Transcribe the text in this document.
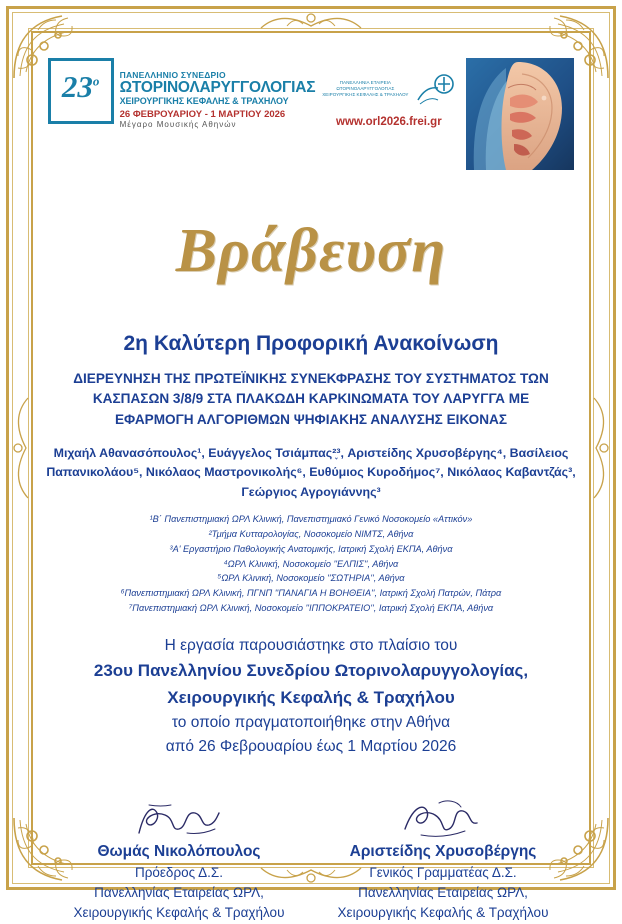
23$^o$	ΠΑΝΕΛΛΗΝΙΟ ΣΥΝΕΔΡΙΟ
ΩΤΟΡΙΝΟΛΑΡΥΓΓΟΛΟΓΙΑΣ
ΧΕΙΡΟΥΡΓΙΚΗΣ ΚΕΦΑΛΗΣ & ΤΡΑΧΗΛΟΥ
26 ΦΕΒΡΟΥΑΡΙΟΥ - 1 ΜΑΡΤΙΟΥ 2026
Μέγαρο Μουσικής Αθηνών
ΠΑΝΕΛΛΗΝΙΑ ΕΤΑΙΡΕΙΑ ΩΤΟΡΙΝΟΛΑΡΥΓΓΟΛΟΓΙΑΣ ΧΕΙΡΟΥΡΓΙΚΗΣ ΚΕΦΑΛΗΣ & ΤΡΑΧΗΛΟΥ
www.orl2026.frei.gr
Βράβευση
2η Καλύτερη Προφορική Ανακοίνωση
ΔΙΕΡΕΥΝΗΣΗ ΤΗΣ ΠΡΩΤΕΪΝΙΚΗΣ ΣΥΝΕΚΦΡΑΣΗΣ ΤΟΥ ΣΥΣΤΗΜΑΤΟΣ ΤΩΝ ΚΑΣΠΑΣΩΝ 3/8/9 ΣΤΑ ΠΛΑΚΩΔΗ ΚΑΡΚΙΝΩΜΑΤΑ ΤΟΥ ΛΑΡΥΓΓΑ ΜΕ ΕΦΑΡΜΟΓΗ ΑΛΓΟΡΙΘΜΩΝ ΨΗΦΙΑΚΗΣ ΑΝΑΛΥΣΗΣ ΕΙΚΟΝΑΣ
Μιχαήλ Αθανασόπουλος¹, Ευάγγελος Τσιάμπας²֢³, Αριστείδης Χρυσοβέργης⁴, Βασίλειος
Παπανικολάου⁵, Νικόλαος Μαστρονικολής⁶, Ευθύμιος Κυροδήμος⁷, Νικόλαος Καβαντζάς³,
Γεώργιος Αγρογιάννης³
¹Β΄ Πανεπιστημιακή ΩΡΛ Κλινική, Πανεπιστημιακό Γενικό Νοσοκομείο «Αττικόν»
²Τμήμα Κυτταρολογίας, Νοσοκομείο ΝΙΜΤΣ, Αθήνα
³Α' Εργαστήριο Παθολογικής Ανατομικής, Ιατρική Σχολή ΕΚΠΑ, Αθήνα
⁴ΩΡΛ Κλινική, Νοσοκομείο ''ΕΛΠΙΣ'', Αθήνα
⁵ΩΡΛ Κλινική, Νοσοκομείο ''ΣΩΤΗΡΙΑ'', Αθήνα
⁶Πανεπιστημιακή ΩΡΛ Κλινική, ΠΓΝΠ ''ΠΑΝΑΓΙΑ Η ΒΟΗΘΕΙΑ'', Ιατρική Σχολή Πατρών, Πάτρα
⁷Πανεπιστημιακή ΩΡΛ Κλινική, Νοσοκομείο ''ΙΠΠΟΚΡΑΤΕΙΟ'', Ιατρική Σχολή ΕΚΠΑ, Αθήνα
Η εργασία παρουσιάστηκε στο πλαίσιο του
23ου Πανελληνίου Συνεδρίου Ωτορινολαρυγγολογίας,
Χειρουργικής Κεφαλής & Τραχήλου
το οποίο πραγματοποιήθηκε στην Αθήνα
από 26 Φεβρουαρίου έως 1 Μαρτίου 2026
Θωμάς Νικολόπουλος
Πρόεδρος Δ.Σ.
Πανελληνίας Εταιρείας ΩΡΛ,
Χειρουργικής Κεφαλής & Τραχήλου
Αριστείδης Χρυσοβέργης
Γενικός Γραμματέας Δ.Σ.
Πανελληνίας Εταιρείας ΩΡΛ,
Χειρουργικής Κεφαλής & Τραχήλου
